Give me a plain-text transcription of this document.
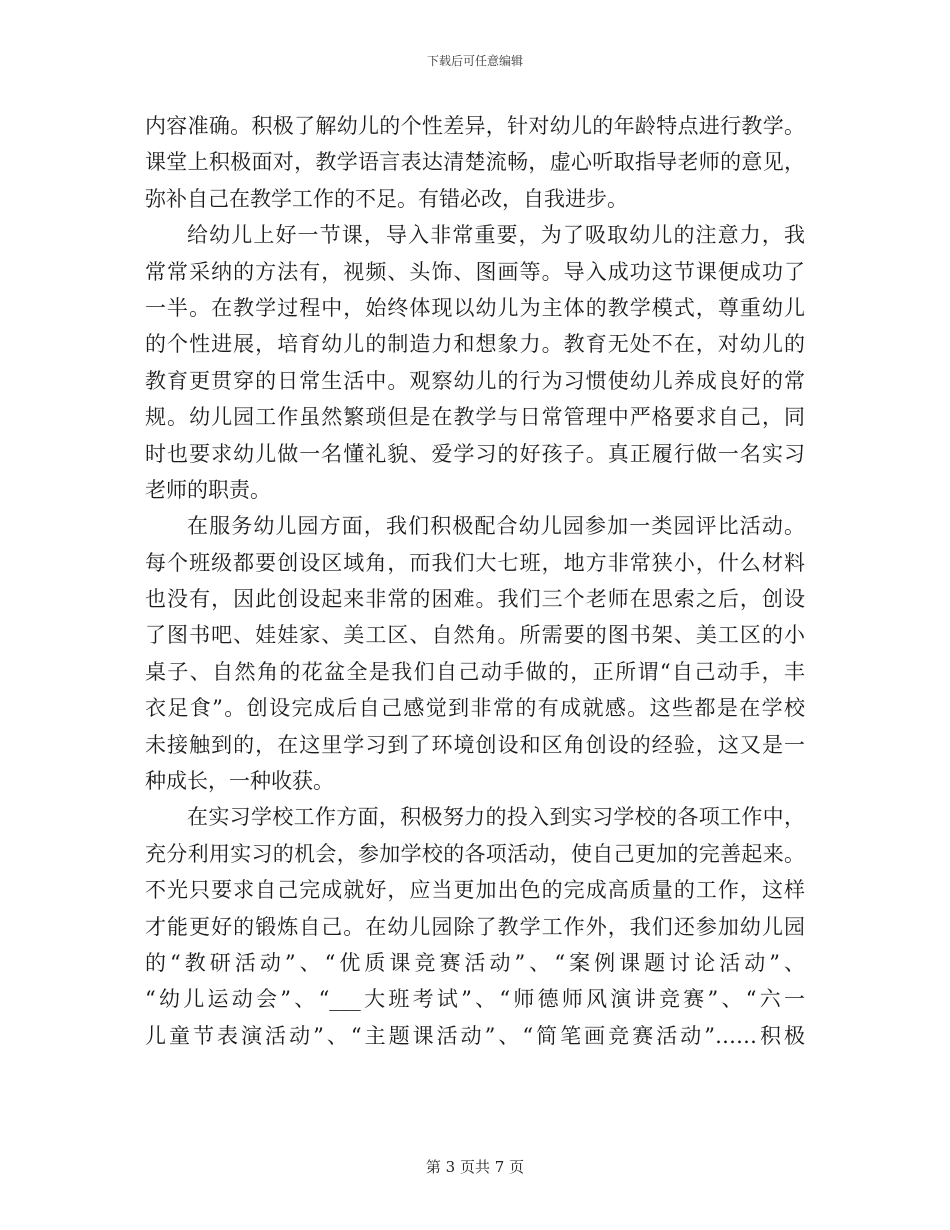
下载后可任意编辑
内容准确。积极了解幼儿的个性差异，针对幼儿的年龄特点进行教学。
课堂上积极面对，教学语言表达清楚流畅，虚心听取指导老师的意见，
弥补自己在教学工作的不足。有错必改，自我进步。
给幼儿上好一节课，导入非常重要，为了吸取幼儿的注意力，我
常常采纳的方法有，视频、头饰、图画等。导入成功这节课便成功了
一半。在教学过程中，始终体现以幼儿为主体的教学模式，尊重幼儿
的个性进展，培育幼儿的制造力和想象力。教育无处不在，对幼儿的
教育更贯穿的日常生活中。观察幼儿的行为习惯使幼儿养成良好的常
规。幼儿园工作虽然繁琐但是在教学与日常管理中严格要求自己，同
时也要求幼儿做一名懂礼貌、爱学习的好孩子。真正履行做一名实习
老师的职责。
在服务幼儿园方面，我们积极配合幼儿园参加一类园评比活动。
每个班级都要创设区域角，而我们大七班，地方非常狭小，什么材料
也没有，因此创设起来非常的困难。我们三个老师在思索之后，创设
了图书吧、娃娃家、美工区、自然角。所需要的图书架、美工区的小
桌子、自然角的花盆全是我们自己动手做的，正所谓“自己动手，丰
衣足食”。创设完成后自己感觉到非常的有成就感。这些都是在学校
未接触到的，在这里学习到了环境创设和区角创设的经验，这又是一
种成长，一种收获。
在实习学校工作方面，积极努力的投入到实习学校的各项工作中，
充分利用实习的机会，参加学校的各项活动，使自己更加的完善起来。
不光只要求自己完成就好，应当更加出色的完成高质量的工作，这样
才能更好的锻炼自己。在幼儿园除了教学工作外，我们还参加幼儿园
的“教研活动”、“优质课竞赛活动”、“案例课题讨论活动”、
“幼儿运动会”、“___大班考试”、“师德师风演讲竞赛”、“六一
儿童节表演活动”、“主题课活动”、“简笔画竞赛活动”……积极
第 3 页共 7 页
